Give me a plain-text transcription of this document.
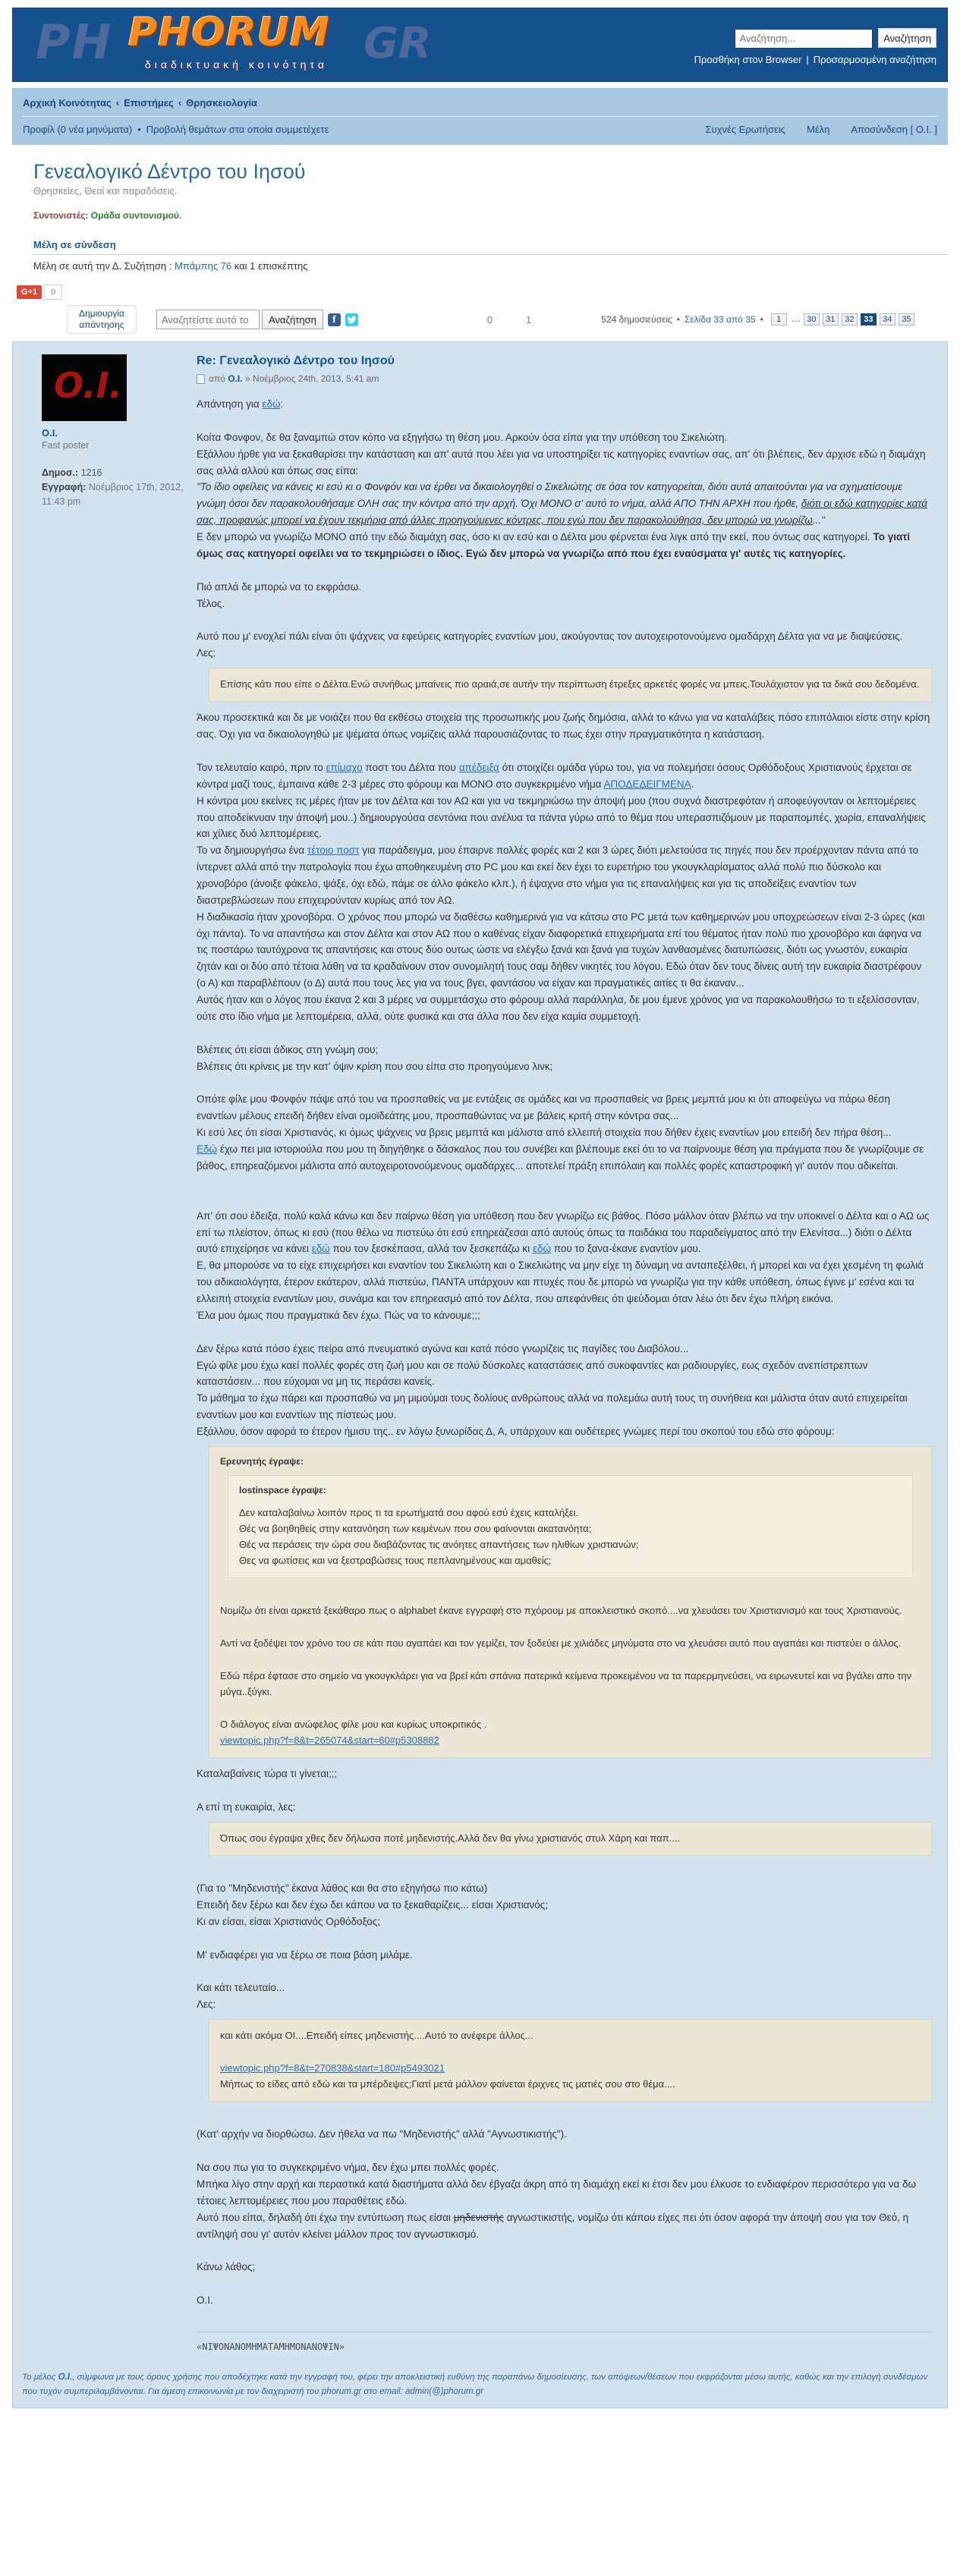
PH	GR
PHORUM
διαδικτυακή κοινότητα
Αναζήτηση... Αναζήτηση
Προσθήκη στον Browser | Προσαρμοσμένη αναζήτηση
Αρχική Κοινότητας ‹ Επιστήμες ‹ Θρησκειολογία
Προφίλ (0 νέα μηνύματα) • Προβολή θεμάτων στα οποία συμμετέχετε	Συχνές Ερωτήσεις Μέλη Αποσύνδεση [ O.I. ]
Γενεαλογικό Δέντρο του Ιησού
Θρησκείες, Θεοί και παραδόσεις.
Συντονιστές: Ομάδα συντονισμού.
Μέλη σε σύνδεση
Μέλη σε αυτή την Δ. Συζήτηση : Μπάμπης 76 και 1 επισκέπτης
G+1	0
Δημιουργία απάντησης
Αναζητείστε αυτό το	Αναζήτηση	f	0	1	524 δημοσιεύσεις • Σελίδα 33 από 35 •	1 … 30 31 32 33 34 35
O.I.
O.I.
Fast poster
Δημοσ.: 1216
Εγγραφή: Νοέμβριος 17th, 2012, 11:43 pm
Re: Γενεαλογικό Δέντρο του Ιησού
από
O.I.
» Νοέμβριος 24th, 2013, 5:41 am
Απάντηση για εδώ:
Κοίτα Φονφον, δε θα ξαναμπώ στον κόπο να εξηγήσω τη θέση μου. Αρκούν όσα είπα για την υπόθεση του Σικελιώτη.
Εξάλλου ήρθε για να ξεκαθαρίσει την κατάσταση και απ' αυτά που λέει για να υποστηρίξει τις κατηγορίες εναντίων σας, απ' ότι βλέπεις, δεν άρχισε εδώ η διαμάχη σας αλλά αλλού και όπως σας είπα:
"Το ίδιο οφείλεις να κάνεις κι εσύ κι ο Φονφόν και να έρθει να δικαιολογηθεί ο Σικελιώτης σε όσα τον κατηγορείται, διότι αυτά απαιτούνται για να σχηματίσουμε γνώμη όσοι δεν παρακολουθήσαμε ΟΛΗ σας την κόντρα από την αρχή. Όχι ΜΟΝΟ σ' αυτό το νήμα, αλλά ΑΠΟ ΤΗΝ ΑΡΧΗ που ήρθε, διότι οι εδώ κατηγορίες κατά σας, προφανώς μπορεί να έχουν τεκμήρια από άλλες προηγούμενες κόντρες, που εγώ που δεν παρακολούθησα, δεν μπορώ να γνωρίζω..."
Ε δεν μπορώ να γνωρίζω ΜΟΝΟ από την εδώ διαμάχη σας, όσο κι αν εσύ και ο Δέλτα μου φέρνεται ένα λιγκ από την εκεί, που όντως σας κατηγορεί. Το γιατί όμως σας κατηγορεί οφείλει να το τεκμηριώσει ο ίδιος. Εγώ δεν μπορώ να γνωρίζω από που έχει εναύσματα γι' αυτές τις κατηγορίες.
Πιό απλά δε μπορώ να το εκφράσω.
Τέλος.
Αυτό που μ' ενοχλεί πάλι είναι ότι ψάχνεις να εφεύρεις κατηγορίες εναντίων μου, ακούγοντας τον αυτοχειροτονούμενο ομαδάρχη Δέλτα για να με διαψεύσεις.
Λες:
Επίσης κάτι που είπε ο Δέλτα.Ενώ συνήθως μπαίνεις πιο αραιά,σε αυτήν την περίπτωση έτρεξες αρκετές φορές να μπεις.Τουλάχιστον για τα δικά σου δεδομένα.
Άκου προσεκτικά και δε με νοιάζει που θα εκθέσω στοιχεία της προσωπικής μου ζωής δημόσια, αλλά το κάνω για να καταλάβεις πόσο επιπόλαιοι είστε στην κρίση σας. Όχι για να δικαιολογηθώ με ψέματα όπως νομίζεις αλλά παρουσιάζοντας το πως έχει στην πραγματικότητα η κατάσταση.
Τον τελευταίο καιρό, πριν το επίμαχο ποστ του Δέλτα που απέδειξα ότι στοιχίζει ομάδα γύρω του, για να πολεμήσει όσους Ορθόδοξους Χριστιανούς έρχεται σε κόντρα μαζί τους, έμπαινα κάθε 2-3 μέρες στο φόρουμ και ΜΟΝΟ στο συγκεκριμένο νήμα ΑΠΟΔΕΔΕΙΓΜΕΝΑ.
Η κόντρα μου εκείνες τις μέρες ήταν με τον Δέλτα και τον ΑΩ και για να τεκμηριώσω την άποψή μου (που συχνά διαστρεφόταν ή αποφεύγονταν οι λεπτομέρειες που αποδείκνυαν την άποψή μου..) δημιουργούσα σεντόνια που ανέλυα τα πάντα γύρω από το θέμα που υπερασπιζόμουν με παραπομπές, χωρία, επαναλήψεις και χίλιες δυό λεπτομέρειες.
Το να δημιουργήσω ένα τέτοιο ποστ για παράδειγμα, μου έπαιρνε πολλές φορές και 2 και 3 ώρες διότι μελετούσα τις πηγές που δεν προέρχονταν πάντα από το ίντερνετ αλλά από την πατρολογία που έχω αποθηκευμένη στο PC μου και εκεί δεν έχει το ευρετήριο του γκουγκλαρίσματος αλλά πολύ πιο δύσκολο και χρονοβόρο (άνοιξε φάκελο, ψάξε, όχι εδώ, πάμε σε άλλο φάκελο κλπ.), ή έψαχνα στο νήμα για τις επαναλήψεις και για τις αποδείξεις εναντίον των διαστρεβλώσεων που επιχειρούνταν κυρίως από τον ΑΩ.
Η διαδικασία ήταν χρονοβόρα. Ο χρόνος που μπορώ να διαθέσω καθημερινά για να κάτσω στο PC μετά των καθημερινών μου υποχρεώσεων είναι 2-3 ώρες (και όχι πάντα). Το να απαντήσω και στον Δέλτα και στον ΑΩ που ο καθένας είχαν διαφορετικά επιχειρήματα επί του θέματος ήταν πολύ πιο χρονοβόρο και άφηνα να τις ποστάρω ταυτόχρονα τις απαντήσεις και στους δύο ουτως ώστε να ελέγξω ξανά και ξανά για τυχών λανθασμένες διατυπώσεις, διότι ως γνωστόν, ευκαιρία ζητάν και οι δύο από τέτοια λάθη να τα κραδαίνουν στον συνομιλητή τους σαμ δήθεν νικητές του λόγου. Εδώ όταν δεν τους δίνεις αυτή την ευκαιρία διαστρέφουν (ο Α) και παραβλέπουν (ο Δ) αυτά που τους λες για να τους βγει, φαντάσου να είχαν και πραγματικές αιτίες τι θα έκαναν...
Αυτός ήταν και ο λόγος που έκανα 2 και 3 μέρες να συμμετάσχω στο φόρουμ αλλά παράλληλα, δε μου έμενε χρόνος για να παρακολουθήσω το τι εξελίσσονταν, ούτε στο ίδιο νήμα με λεπτομέρεια, αλλά, ούτε φυσικά και στα άλλα που δεν είχα καμία συμμετοχή.
Βλέπεις ότι είσαι άδικος στη γνώμη σου;
Βλέπεις ότι κρίνεις με την κατ' όψιν κρίση που σου είπα στο προηγούμενο λινκ;
Οπότε φίλε μου Φονφόν πάψε από του να προσπαθείς να με εντάξεις σε ομάδες και να προσπαθείς να βρεις μεμπτά μου κι ότι αποφεύγω να πάρω θέση εναντίων μέλους επειδή δήθεν είναι ομοϊδεάτης μου, προσπαθώντας να με βάλεις κριτή στην κόντρα σας...
Κι εσύ λες ότι είσαι Χριστιανός, κι όμως ψάχνεις να βρεις μεμπτά και μάλιστα από ελλειπή στοιχεία που δήθεν έχεις εναντίων μου επειδή δεν πήρα θέση...
Εδώ έχω πει μια ιστοριούλα που μου τη διηγήθηκε ο δάσκαλος που του συνέβει και βλέπουμε εκεί ότι το να παίρνουμε θέση για πράγματα που δε γνωρίζουμε σε βάθος, επηρεαζόμενοι μάλιστα από αυτοχειροτονούμενους ομαδάρχες... αποτελεί πράξη επιπόλαιη και πολλές φορές καταστροφική γι' αυτόν που αδικείται.
Απ' ότι σου έδειξα, πολύ καλά κάνω και δεν παίρνω θέση για υπόθεση που δεν γνωρίζω εις βάθος. Πόσο μάλλον όταν βλέπω να την υποκινεί ο Δέλτα και ο ΑΩ ως επί τω πλείστον, όπως κι εσύ (που θέλω να πιστεύω ότι εσύ επηρεάζεσαι από αυτούς όπως τα παιδάκια του παραδείγματος από την Ελενίτσα...) διότι ο Δέλτα αυτό επιχείρησε να κάνει εδώ που τον ξεσκέπασα, αλλά τον ξεσκεπάζω κι εδώ που το ξανα-έκανε εναντίον μου.
Ε, θα μπορούσε να το είχε επιχειρήσει και εναντίον του Σικελιώτη και ο Σικελιώτης να μην είχε τη δύναμη να ανταπεξέλθει, ή μπορεί και να έχει χεσμένη τη φωλιά του αδικαιολόγητα, έτερον εκάτερον, αλλά πιστεύω, ΠΑΝΤΑ υπάρχουν και πτυχές που δε μπορώ να γνωρίζω για την κάθε υπόθεση, όπως έγινε μ' εσένα και τα ελλειπή στοιχεία εναντίων μου, συνάμα και τον επηρεασμό από τον Δέλτα, που απεφάνθεις ότι ψεύδομαι όταν λέω ότι δεν έχω πλήρη εικόνα.
Έλα μου όμως που πραγματικά δεν έχω. Πώς να το κάνουμε;;;
Δεν ξέρω κατά πόσο έχεις πείρα από πνευματικό αγώνα και κατά πόσο γνωρίζεις τις παγίδες του Διαβόλου...
Εγώ φίλε μου έχω καεί πολλές φορές στη ζωή μου και σε πολύ δύσκολες καταστάσεις από συκοφαντίες και ραδιουργίες, εως σχεδόν ανεπίστρεπτων καταστάσειν... που εύχομαι να μη τις περάσει κανείς.
Το μάθημα το έχω πάρει και προσπαθώ να μη μιμούμαι τους δολίους ανθρώπους αλλά να πολεμάω αυτή τους τη συνήθεια και μάλιστα όταν αυτό επιχειρείται εναντίων μου και εναντίων της πίστεώς μου.
Εξάλλου, όσον αφορά το έτερον ήμισυ της.. εν λόγω ξυνωρίδας Δ, Α, υπάρχουν και ουδέτερες γνώμες περί του σκοπού του εδώ στο φόρουμ:
Ερευνητής έγραψε:
lostinspace έγραψε:
Δεν καταλαβαίνω λοιπόν προς τι τα ερωτήματά σου αφού εσύ έχεις καταλήξει.
Θές να βοηθηθείς στην κατανόηση των κειμένων που σου φαίνονται ακατανόητα;
Θές να περάσεις την ώρα σου διαβάζοντας τις ανόητες απαντήσεις των ηλιθίων χριστιανών;
Θες να φωτίσεις και να ξεστραβώσεις τους πεπλανημένους και αμαθείς;
Νομίζω ότι είναι αρκετά ξεκάθαρο πως ο alphabet έκανε εγγραφή στο πχόρουμ με αποκλειστικό σκοπό....να χλευάσει τον Χριστιανισμό και τους Χριστιανούς.
Αντί να ξοδέψει τον χρόνο του σε κάτι που αγαπάει και τον γεμίζει, τον ξοδεύει με χιλιάδες μηνύματα στο να χλευάσει αυτό που αγαπάει και πιστεύει ο άλλος.
Εδώ πέρα έφτασε στο σημείο να γκουγκλάρει για να βρεί κάτι σπάνια πατερικά κείμενα προκειμένου να τα παρερμηνεύσει, να ειρωνευτεί και να βγάλει απο την μύγα..ξύγκι.
Ο διάλογος είναι ανώφελος φίλε μου και κυρίως υποκριτικός .
viewtopic.php?f=8&t=265074&start=60#p5308882
Καταλαβαίνεις τώρα τι γίνεται;;;
Α επί τη ευκαιρία, λες:
Όπως σου έγραψα χθες δεν δήλωσα ποτέ μηδενιστής.Αλλά δεν θα γίνω χριστιανός στυλ Χάρη και παπ....
(Για το "Μηδενιστής" έκανα λάθος και θα στο εξηγήσω πιο κάτω)
Επειδή δεν ξέρω και δεν έχω δει κάπου να το ξεκαθαρίζεις... είσαι Χριστιανός;
Κι αν είσαι, είσαι Χριστιανός Ορθόδοξος;
Μ' ενδιαφέρει για να ξέρω σε ποια βάση μιλάμε.
Και κάτι τελευταίο...
Λες:
και κάτι ακόμα ΟΙ....Επειδή είπες μηδενιστής....Αυτό το ανέφερε άλλος...
viewtopic.php?f=8&t=270838&start=180#p5493021
Μήπως το είδες από εδώ και τα μπέρδεψες;Γιατί μετά μάλλον φαίνεται έριχνες τις ματιές σου στο θέμα....
(Κατ' αρχήν να διορθώσω. Δεν ήθελα να πω "Μηδενιστής" αλλά "Αγνωστικιστής").
Να σου πω για το συγκεκριμένο νήμα, δεν έχω μπει πολλές φορές.
Μπήκα λίγο στην αρχή και περαστικά κατά διαστήματα αλλά δεν έβγαζα άκρη από τη διαμάχη εκεί κι έτσι δεν μου έλκυσε το ενδιαφέρον περισσότερο για να δω τέτοιες λεπτομέρειες που μου παραθέτεις εδώ.
Αυτό που είπα, δηλαδή ότι έχω την εντύπωση πως είσαι μηδενιστής αγνωστικιστής, νομίζω ότι κάπου είχες πει ότι όσον αφορά την άποψή σου για τον Θεό, η αντίληψή σου γι' αυτόν κλείνει μάλλον προς τον αγνωστικισμό.
Κάνω λάθος;
Ο.Ι.
«ΝΙΨΟΝΑΝΟΜΗΜΑΤΑΜΗΜΟΝΑΝΟΨΙΝ»
Το μέλος O.I., σύμφωνα με τους όρους χρήσης που αποδέχτηκε κατά την εγγραφή του, φέρει την αποκλειστική ευθύνη της παραπάνω δημοσίευσης, των απόψεων/θέσεων που εκφράζονται μέσω αυτής, καθώς και την επιλογή συνδέσμων που τυχόν συμπεριλαμβάνονται. Για άμεση επικοινωνία με τον διαχειριστή του phorum.gr στο email: admin(@)phorum.gr
